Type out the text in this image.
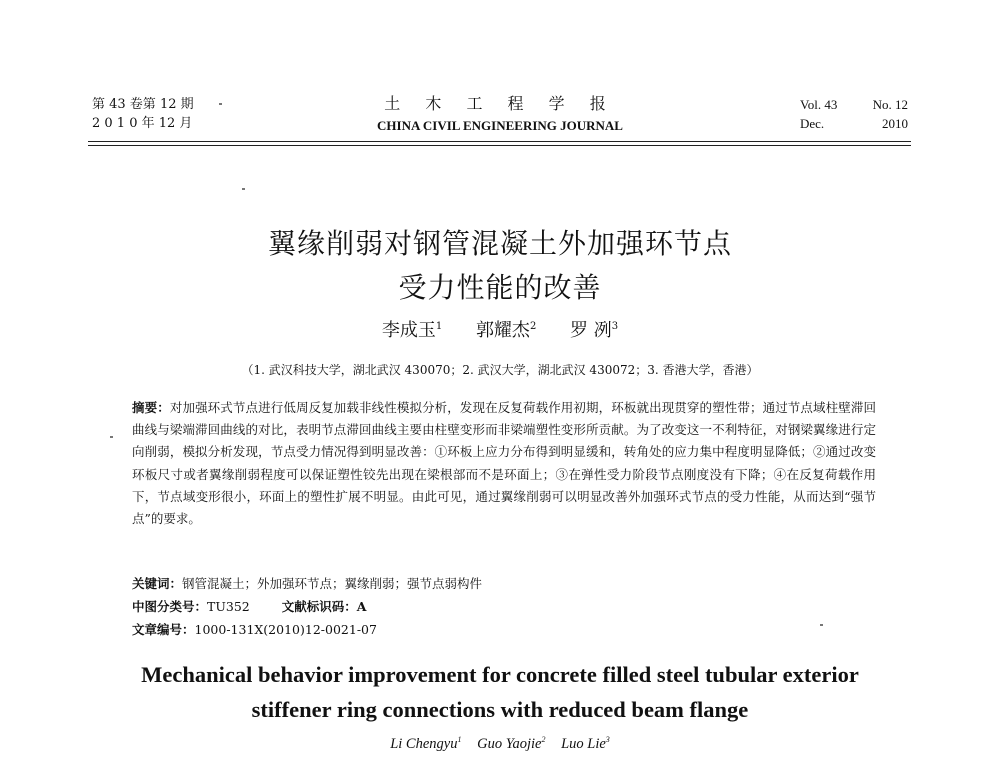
第 43 卷第 12 期
2 0 1 0 年 12 月
土 木 工 程 学 报
CHINA CIVIL ENGINEERING JOURNAL
Vol. 43	No. 12
Dec.	2010
翼缘削弱对钢管混凝土外加强环节点
受力性能的改善
李成玉$^1$ 郭耀杰$^2$ 罗 冽$^3$
（1. 武汉科技大学，湖北武汉 430070；2. 武汉大学，湖北武汉 430072；3. 香港大学，香港）
摘要：对加强环式节点进行低周反复加载非线性模拟分析，发现在反复荷载作用初期，环板就出现贯穿的塑性带；通过节点域柱壁滞回曲线与梁端滞回曲线的对比，表明节点滞回曲线主要由柱壁变形而非梁端塑性变形所贡献。为了改变这一不利特征，对钢梁翼缘进行定向削弱，模拟分析发现，节点受力情况得到明显改善：①环板上应力分布得到明显缓和，转角处的应力集中程度明显降低；②通过改变环板尺寸或者翼缘削弱程度可以保证塑性铰先出现在梁根部而不是环面上；③在弹性受力阶段节点刚度没有下降；④在反复荷载作用下，节点域变形很小，环面上的塑性扩展不明显。由此可见，通过翼缘削弱可以明显改善外加强环式节点的受力性能，从而达到“强节点”的要求。
关键词：钢管混凝土；外加强环节点；翼缘削弱；强节点弱构件
中图分类号：TU352	文献标识码：A
文章编号：1000-131X(2010)12-0021-07
Mechanical behavior improvement for concrete filled steel tubular exterior
stiffener ring connections with reduced beam flange
Li Chengyu$^1$ Guo Yaojie$^2$ Luo Lie$^3$
